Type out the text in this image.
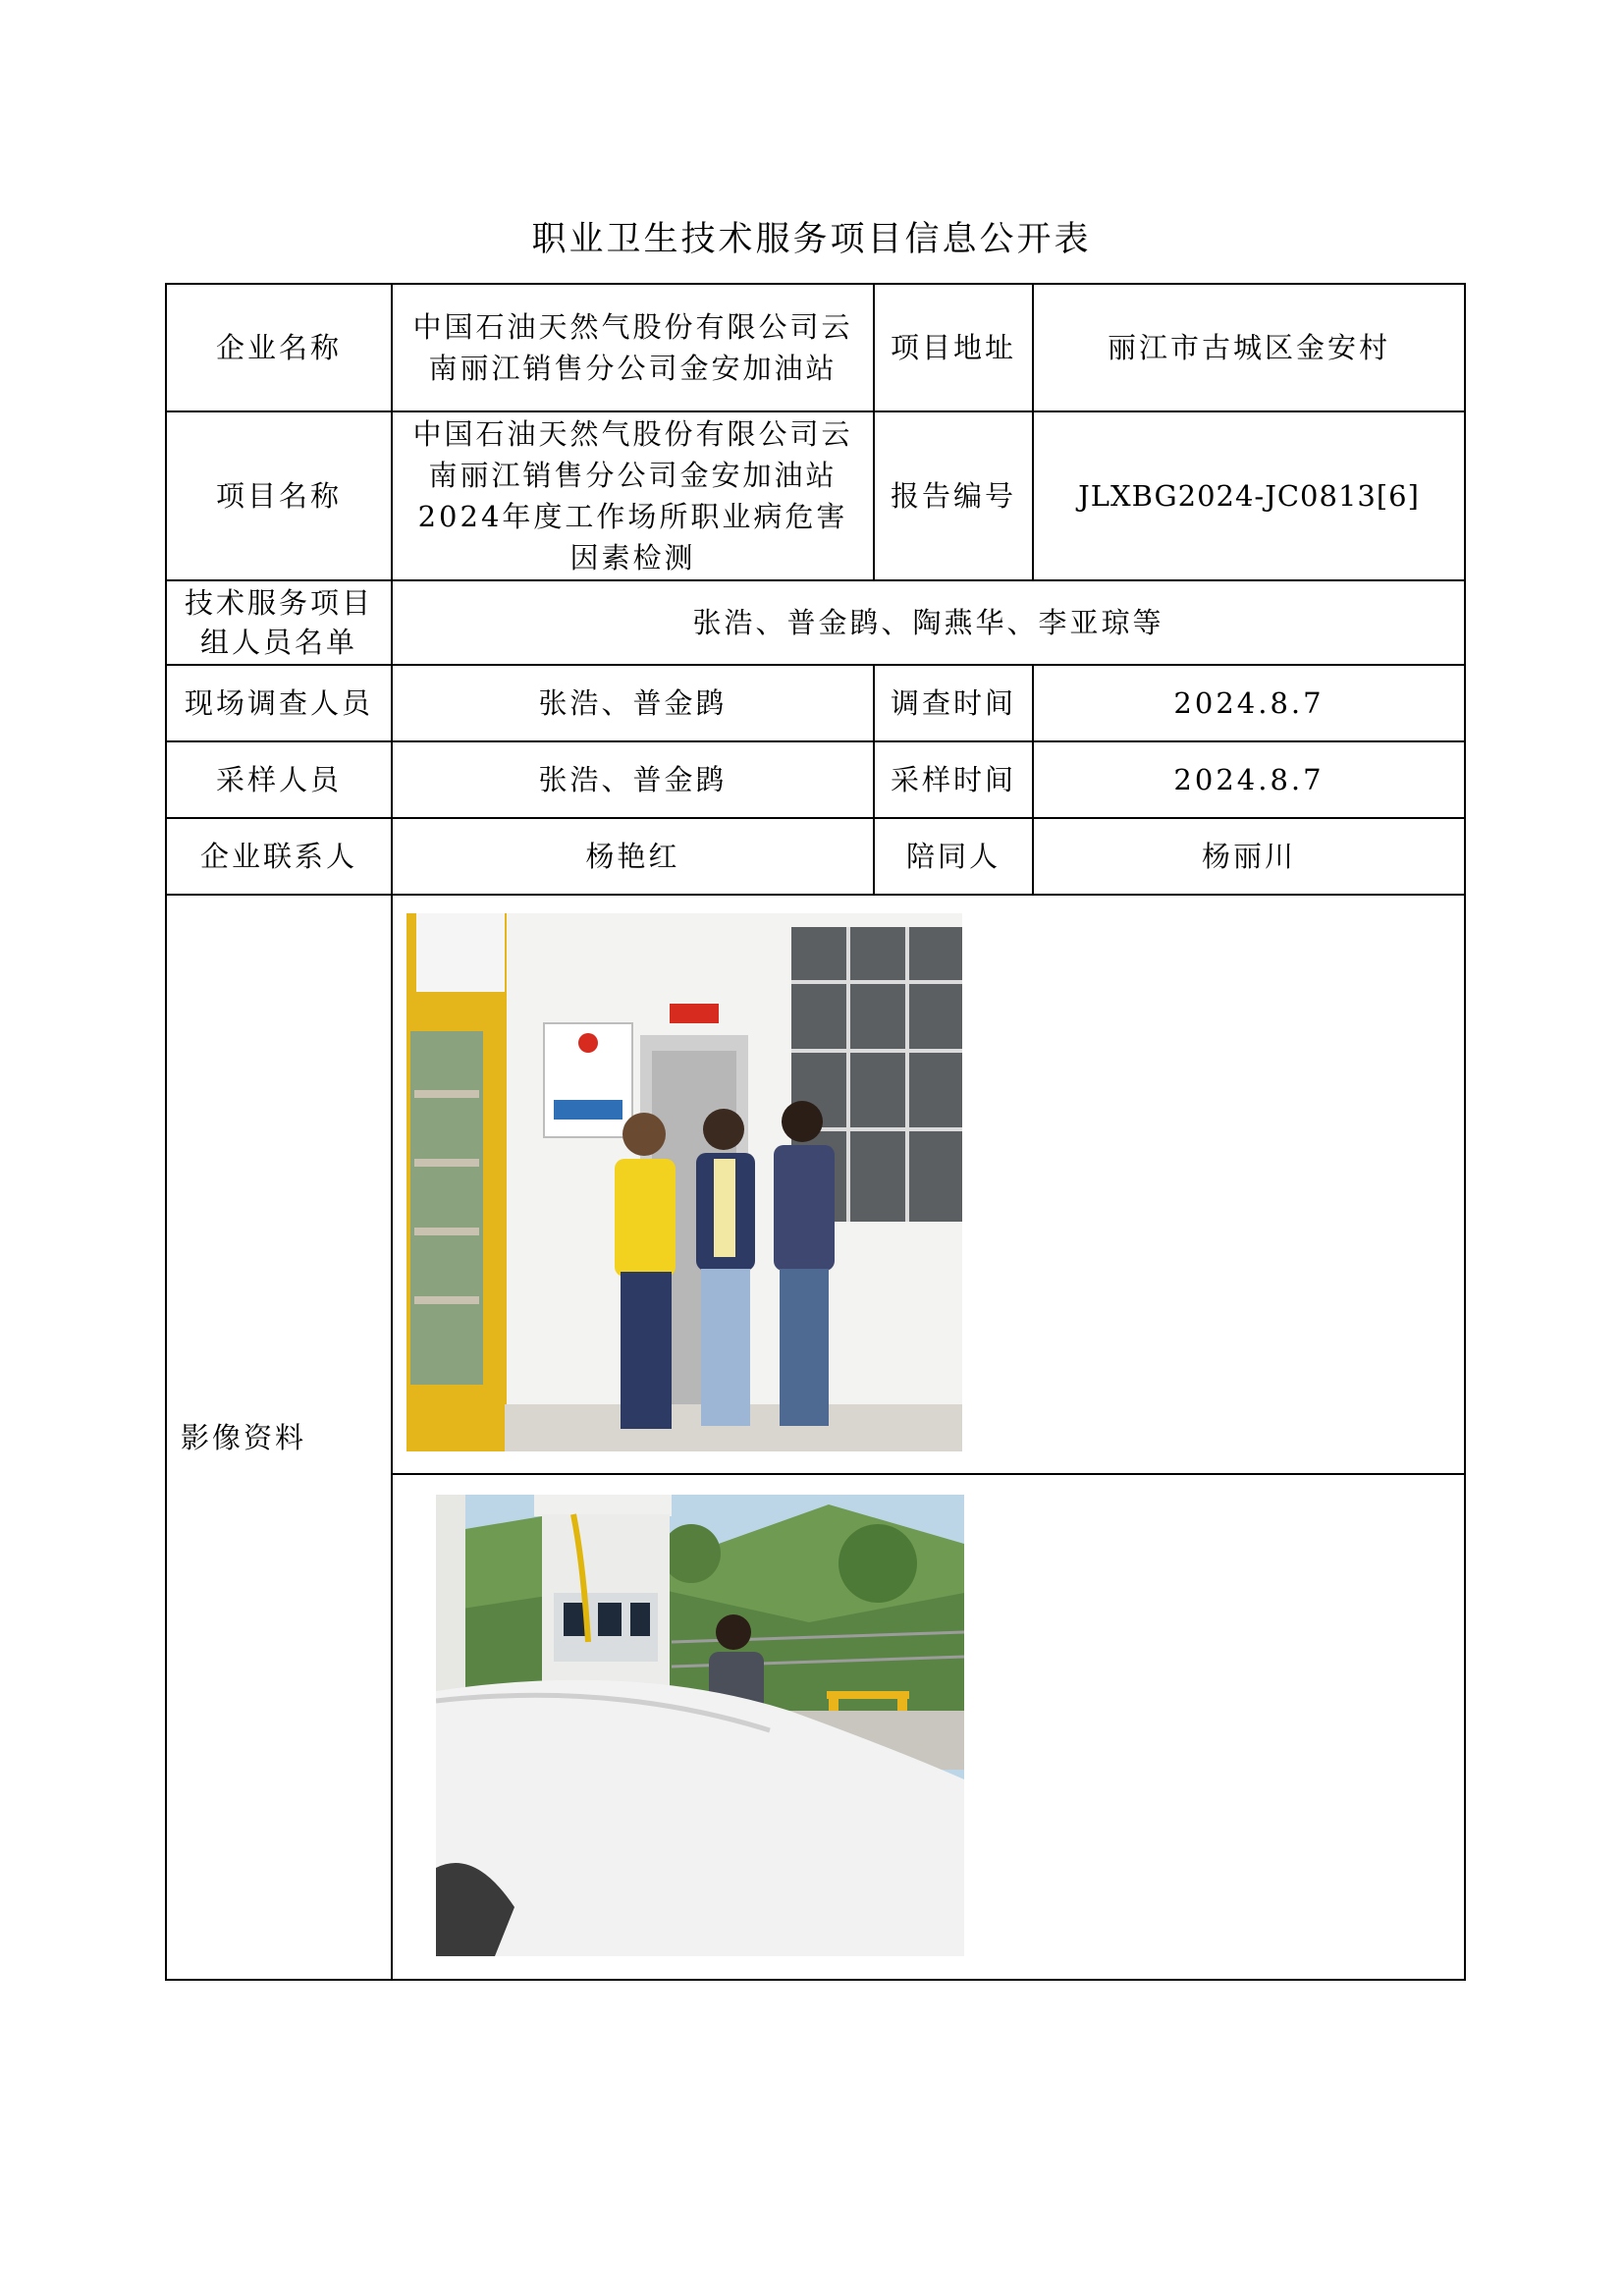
职业卫生技术服务项目信息公开表
企业名称	中国石油天然气股份有限公司云南丽江销售分公司金安加油站	项目地址	丽江市古城区金安村
项目名称	中国石油天然气股份有限公司云南丽江销售分公司金安加油站2024年度工作场所职业病危害因素检测	报告编号	JLXBG2024-JC0813[6]
技术服务项目组人员名单	张浩、普金鹍、陶燕华、李亚琼等		
现场调查人员	张浩、普金鹍	调查时间	2024.8.7
采样人员	张浩、普金鹍	采样时间	2024.8.7
企业联系人	杨艳红	陪同人	杨丽川
影像资料	
